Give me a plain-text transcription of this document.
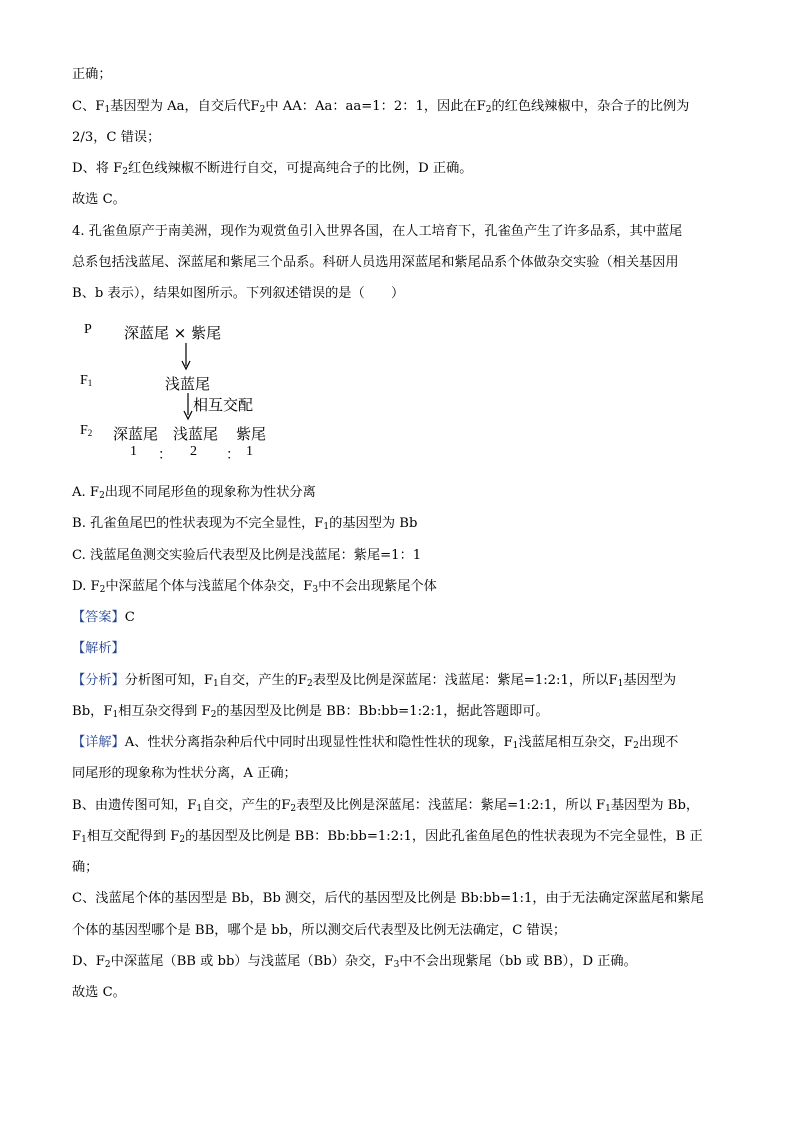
正确；
C、$F_1$基因型为 Aa，自交后代$F_2$中 AA：Aa：aa=1：2：1，因此在$F_2$的红色线辣椒中，杂合子的比例为
2/3，C 错误；
D、将 $F_2$红色线辣椒不断进行自交，可提高纯合子的比例，D 正确。
故选 C。
4. 孔雀鱼原产于南美洲，现作为观赏鱼引入世界各国，在人工培育下，孔雀鱼产生了许多品系，其中蓝尾
总系包括浅蓝尾、深蓝尾和紫尾三个品系。科研人员选用深蓝尾和紫尾品系个体做杂交实验（相关基因用
B、b 表示），结果如图所示。下列叙述错误的是（　　）
P 深蓝尾 × 紫尾
$F_1$	浅蓝尾
相互交配
$F_2$ 深蓝尾 浅蓝尾 紫尾
1 ： 2 ： 1
A. $F_2$出现不同尾形鱼的现象称为性状分离
B. 孔雀鱼尾巴的性状表现为不完全显性，$F_1$的基因型为 Bb
C. 浅蓝尾鱼测交实验后代表型及比例是浅蓝尾：紫尾=1：1
D. $F_2$中深蓝尾个体与浅蓝尾个体杂交，$F_3$中不会出现紫尾个体
【答案】C
【解析】
【分析】分析图可知，$F_1$自交，产生的$F_2$表型及比例是深蓝尾：浅蓝尾：紫尾=1:2:1，所以$F_1$基因型为
Bb，$F_1$相互杂交得到 $F_2$的基因型及比例是 BB：Bb:bb=1:2:1，据此答题即可。
【详解】A、性状分离指杂种后代中同时出现显性性状和隐性性状的现象，$F_1$浅蓝尾相互杂交，$F_2$出现不
同尾形的现象称为性状分离，A 正确；
B、由遗传图可知，$F_1$自交，产生的$F_2$表型及比例是深蓝尾：浅蓝尾：紫尾=1:2:1，所以 $F_1$基因型为 Bb，
$F_1$相互交配得到 $F_2$的基因型及比例是 BB：Bb:bb=1:2:1，因此孔雀鱼尾色的性状表现为不完全显性，B 正
确；
C、浅蓝尾个体的基因型是 Bb，Bb 测交，后代的基因型及比例是 Bb:bb=1:1，由于无法确定深蓝尾和紫尾
个体的基因型哪个是 BB，哪个是 bb，所以测交后代表型及比例无法确定，C 错误；
D、$F_2$中深蓝尾（BB 或 bb）与浅蓝尾（Bb）杂交，$F_3$中不会出现紫尾（bb 或 BB），D 正确。
故选 C。
